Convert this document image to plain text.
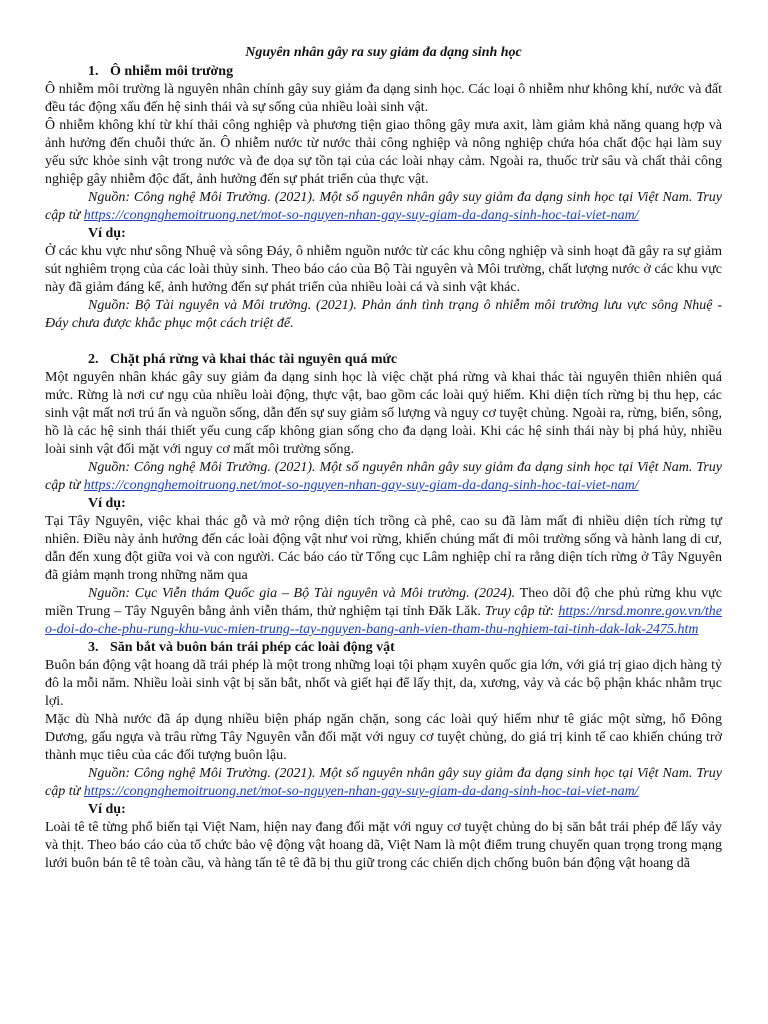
Nguyên nhân gây ra suy giảm đa dạng sinh học
1. Ô nhiễm môi trường

Ô nhiễm môi trường là nguyên nhân chính gây suy giảm đa dạng sinh học. Các loại ô nhiễm như không khí, nước và đất đều tác động xấu đến hệ sinh thái và sự sống của nhiều loài sinh vật.

Ô nhiễm không khí từ khí thải công nghiệp và phương tiện giao thông gây mưa axit, làm giảm khả năng quang hợp và ảnh hưởng đến chuỗi thức ăn. Ô nhiễm nước từ nước thải công nghiệp và nông nghiệp chứa hóa chất độc hại làm suy yếu sức khỏe sinh vật trong nước và đe dọa sự tồn tại của các loài nhạy cảm. Ngoài ra, thuốc trừ sâu và chất thải công nghiệp gây nhiễm độc đất, ảnh hưởng đến sự phát triển của thực vật.

Nguồn: Công nghệ Môi Trường. (2021). Một số nguyên nhân gây suy giảm đa dạng sinh học tại Việt Nam. Truy cập từ https://congnghemoitruong.net/mot-so-nguyen-nhan-gay-suy-giam-da-dang-sinh-hoc-tai-viet-nam/

Ví dụ:

Ở các khu vực như sông Nhuệ và sông Đáy, ô nhiễm nguồn nước từ các khu công nghiệp và sinh hoạt đã gây ra sự giảm sút nghiêm trọng của các loài thủy sinh. Theo báo cáo của Bộ Tài nguyên và Môi trường, chất lượng nước ở các khu vực này đã giảm đáng kể, ảnh hưởng đến sự phát triển của nhiều loài cá và sinh vật khác.

Nguồn: Bộ Tài nguyên và Môi trường. (2021). Phản ánh tình trạng ô nhiễm môi trường lưu vực sông Nhuệ - Đáy chưa được khắc phục một cách triệt để.

2. Chặt phá rừng và khai thác tài nguyên quá mức

Một nguyên nhân khác gây suy giảm đa dạng sinh học là việc chặt phá rừng và khai thác tài nguyên thiên nhiên quá mức. Rừng là nơi cư ngụ của nhiều loài động, thực vật, bao gồm các loài quý hiếm. Khi diện tích rừng bị thu hẹp, các sinh vật mất nơi trú ẩn và nguồn sống, dẫn đến sự suy giảm số lượng và nguy cơ tuyệt chủng. Ngoài ra, rừng, biển, sông, hồ là các hệ sinh thái thiết yếu cung cấp không gian sống cho đa dạng loài. Khi các hệ sinh thái này bị phá hủy, nhiều loài sinh vật đối mặt với nguy cơ mất môi trường sống.

Nguồn: Công nghệ Môi Trường. (2021). Một số nguyên nhân gây suy giảm đa dạng sinh học tại Việt Nam. Truy cập từ https://congnghemoitruong.net/mot-so-nguyen-nhan-gay-suy-giam-da-dang-sinh-hoc-tai-viet-nam/

Ví dụ:

Tại Tây Nguyên, việc khai thác gỗ và mở rộng diện tích trồng cà phê, cao su đã làm mất đi nhiều diện tích rừng tự nhiên. Điều này ảnh hưởng đến các loài động vật như voi rừng, khiến chúng mất đi môi trường sống và hành lang di cư, dẫn đến xung đột giữa voi và con người. Các báo cáo từ Tổng cục Lâm nghiệp chỉ ra rằng diện tích rừng ở Tây Nguyên đã giảm mạnh trong những năm qua

Nguồn: Cục Viễn thám Quốc gia – Bộ Tài nguyên và Môi trường. (2024). Theo dõi độ che phủ rừng khu vực miền Trung – Tây Nguyên bằng ảnh viễn thám, thử nghiệm tại tỉnh Đăk Lăk. Truy cập từ: https://nrsd.monre.gov.vn/theo-doi-do-che-phu-rung-khu-vuc-mien-trung--tay-nguyen-bang-anh-vien-tham-thu-nghiem-tai-tinh-dak-lak-2475.htm

3. Săn bắt và buôn bán trái phép các loài động vật

Buôn bán động vật hoang dã trái phép là một trong những loại tội phạm xuyên quốc gia lớn, với giá trị giao dịch hàng tỷ đô la mỗi năm. Nhiều loài sinh vật bị săn bắt, nhốt và giết hại để lấy thịt, da, xương, vảy và các bộ phận khác nhằm trục lợi.

Mặc dù Nhà nước đã áp dụng nhiều biện pháp ngăn chặn, song các loài quý hiếm như tê giác một sừng, hổ Đông Dương, gấu ngựa và trâu rừng Tây Nguyên vẫn đối mặt với nguy cơ tuyệt chủng, do giá trị kinh tế cao khiến chúng trở thành mục tiêu của các đối tượng buôn lậu.

Nguồn: Công nghệ Môi Trường. (2021). Một số nguyên nhân gây suy giảm đa dạng sinh học tại Việt Nam. Truy cập từ https://congnghemoitruong.net/mot-so-nguyen-nhan-gay-suy-giam-da-dang-sinh-hoc-tai-viet-nam/

Ví dụ:

Loài tê tê từng phổ biến tại Việt Nam, hiện nay đang đối mặt với nguy cơ tuyệt chủng do bị săn bắt trái phép để lấy vảy và thịt. Theo báo cáo của tổ chức bảo vệ động vật hoang dã, Việt Nam là một điểm trung chuyển quan trọng trong mạng lưới buôn bán tê tê toàn cầu, và hàng tấn tê tê đã bị thu giữ trong các chiến dịch chống buôn bán động vật hoang dã
